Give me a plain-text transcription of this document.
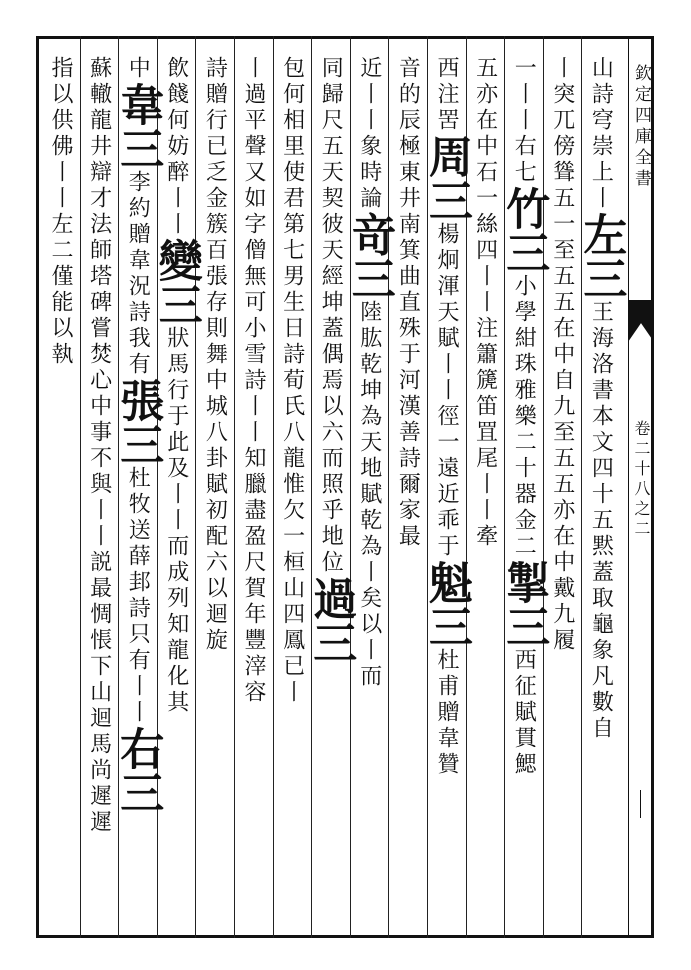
欽定四庫全書
卷二十八之二
山詩穹崇上丨左三王海洛書本文四十五黙蓋取龜象凡數自
丨突兀傍聳五一至五五在中自九至五五亦在中戴九履
一丨丨右七竹三小學紺珠雅樂二十器金二掣三西征賦貫鰓
五亦在中石一絲四丨丨注簫篪笛罝尾丨丨牽
西注罟周三楊炯渾天賦丨丨徑一遠近乖于魁三杜甫贈韋贊
音的辰極東井南箕曲直殊于河漢善詩爾家最
近丨丨象時論竒三陸肱乾坤為天地賦乾為丨矣以丨而
同歸尺五天契彼天經坤蓋偶焉以六而照乎地位過三
包何相里使君第七男生日詩荀氏八龍惟欠一桓山四鳳已丨
丨過平聲又如字僧無可小雪詩丨丨知臘盡盈尺賀年豐滓容
詩贈行已乏金簇百張存則舞中城八卦賦初配六以迴旋
飲餞何妨醉丨丨變三狀馬行于此及丨丨而成列知龍化其
中韋三李約贈韋況詩我有張三杜牧送薛邽詩只有丨丨右三
蘇轍龍井辯才法師塔碑嘗焚心中事不與丨丨説最惆悵下山迴馬尚遲遲
指以供佛丨丨左二僅能以執
